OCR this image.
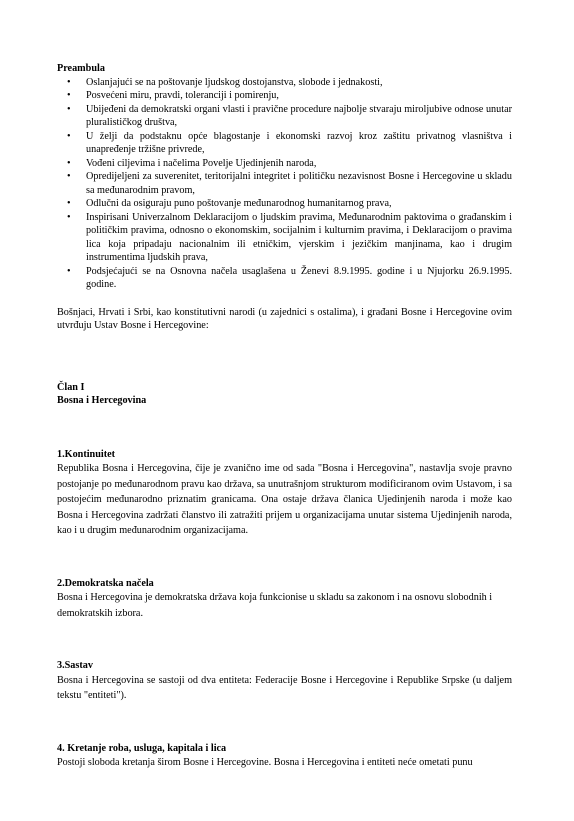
Preambula
• Oslanjajući se na poštovanje ljudskog dostojanstva, slobode i jednakosti,
• Posvećeni miru, pravdi, toleranciji i pomirenju,
• Ubijeđeni da demokratski organi vlasti i pravične procedure najbolje stvaraju miroljubive odnose unutar pluralističkog društva,
• U želji da podstaknu opće blagostanje i ekonomski razvoj kroz zaštitu privatnog vlasništva i unapređenje tržišne privrede,
• Vođeni ciljevima i načelima Povelje Ujedinjenih naroda,
• Opredijeljeni za suverenitet, teritorijalni integritet i političku nezavisnost Bosne i Hercegovine u skladu sa međunarodnim pravom,
• Odlučni da osiguraju puno poštovanje međunarodnog humanitarnog prava,
• Inspirisani Univerzalnom Deklaracijom o ljudskim pravima, Međunarodnim paktovima o građanskim i političkim pravima, odnosno o ekonomskim, socijalnim i kulturnim pravima, i Deklaracijom o pravima lica koja pripadaju nacionalnim ili etničkim, vjerskim i jezičkim manjinama, kao i drugim instrumentima ljudskih prava,
• Podsjećajući se na Osnovna načela usaglašena u Ženevi 8.9.1995. godine i u Njujorku 26.9.1995. godine.

Bošnjaci, Hrvati i Srbi, kao konstitutivni narodi (u zajednici s ostalima), i građani Bosne i Hercegovine ovim utvrđuju Ustav Bosne i Hercegovine:

Član I
Bosna i Hercegovina
1.Kontinuitet
Republika Bosna i Hercegovina, čije je zvanično ime od sada "Bosna i Hercegovina", nastavlja svoje pravno postojanje po međunarodnom pravu kao država, sa unutrašnjom strukturom modificiranom ovim Ustavom, i sa postojećim međunarodno priznatim granicama. Ona ostaje država članica Ujedinjenih naroda i može kao Bosna i Hercegovina zadržati članstvo ili zatražiti prijem u organizacijama unutar sistema Ujedinjenih naroda, kao i u drugim međunarodnim organizacijama.
2.Demokratska načela
Bosna i Hercegovina je demokratska država koja funkcionise u skladu sa zakonom i na osnovu slobodnih i demokratskih izbora.
3.Sastav
Bosna i Hercegovina se sastoji od dva entiteta: Federacije Bosne i Hercegovine i Republike Srpske (u daljem tekstu "entiteti").
4. Kretanje roba, usluga, kapitala i lica
Postoji sloboda kretanja širom Bosne i Hercegovine. Bosna i Hercegovina i entiteti neće ometati punu
